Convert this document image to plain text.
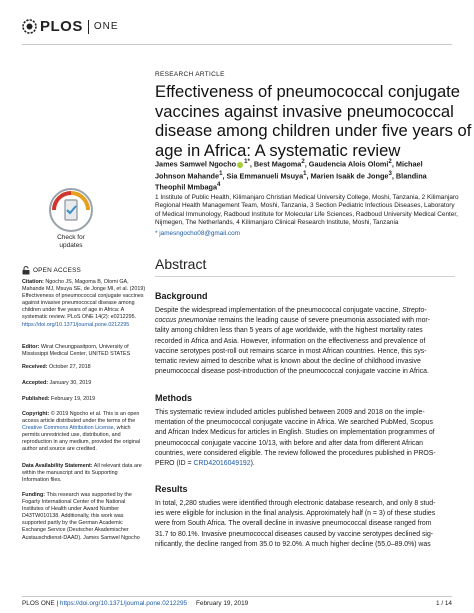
PLOS ONE
RESEARCH ARTICLE
Effectiveness of pneumococcal conjugate
vaccines against invasive pneumococcal
disease among children under five years of
age in Africa: A systematic review
James Samwel Ngocho $^{1*}$, Best Magoma$^2$, Gaudencia Alois Olomi$^2$, Michael
Johnson Mahande$^1$, Sia Emmanueli Msuya$^1$, Marien Isaäk de Jonge$^3$, Blandina
Theophil Mmbaga$^4$
1 Institute of Public Health, Kilimanjaro Christian Medical University College, Moshi, Tanzania, 2 Kilimanjaro
Regional Health Management Team, Moshi, Tanzania, 3 Section Pediatric Infectious Diseases, Laboratory
of Medical Immunology, Radboud Institute for Molecular Life Sciences, Radboud University Medical Center,
Nijmegen, The Netherlands, 4 Kilimanjaro Clinical Research Institute, Moshi, Tanzania
* jamesngocho08@gmail.com
Abstract
Background
Despite the widespread implementation of the pneumococcal conjugate vaccine, Strepto-
coccus pneumoniae remains the leading cause of severe pneumonia associated with mor-
tality among children less than 5 years of age worldwide, with the highest mortality rates
recorded in Africa and Asia. However, information on the effectiveness and prevalence of
vaccine serotypes post-roll out remains scarce in most African countries. Hence, this sys-
tematic review aimed to describe what is known about the decline of childhood invasive
pneumococcal disease post-introduction of the pneumococcal conjugate vaccine in Africa.
Methods
This systematic review included articles published between 2009 and 2018 on the imple-
mentation of the pneumococcal conjugate vaccine in Africa. We searched PubMed, Scopus
and African Index Medicus for articles in English. Studies on implementation programmes of
pneumococcal conjugate vaccine 10/13, with before and after data from different African
countries, were considered eligible. The review followed the procedures published in PROS-
PERO (ID = CRD42016049192).
Results
In total, 2,280 studies were identified through electronic database research, and only 8 stud-
ies were eligible for inclusion in the final analysis. Approximately half (n = 3) of these studies
were from South Africa. The overall decline in invasive pneumococcal disease ranged from
31.7 to 80.1%. Invasive pneumococcal diseases caused by vaccine serotypes declined sig-
nificantly, the decline ranged from 35.0 to 92.0%. A much higher decline (55.0–89.0%) was
Check for
updates
OPEN ACCESS
Citation: Ngocho JS, Magoma B, Olomi GA,
Mahande MJ, Msuya SE, de Jonge MI, et al. (2019)
Effectiveness of pneumococcal conjugate vaccines
against invasive pneumococcal disease among
children under five years of age in Africa: A
systematic review. PLoS ONE 14(2): e0212295.
https://doi.org/10.1371/journal.pone.0212295
Editor: Wirat Cheungpasitporn, University of
Mississippi Medical Center, UNITED STATES
Received: October 27, 2018
Accepted: January 30, 2019
Published: February 19, 2019
Copyright: © 2019 Ngocho et al. This is an open
access article distributed under the terms of the
Creative Commons Attribution License, which
permits unrestricted use, distribution, and
reproduction in any medium, provided the original
author and source are credited.
Data Availability Statement: All relevant data are
within the manuscript and its Supporting
Information files.
Funding: This research was supported by the
Fogarty International Center of the National
Institutes of Health under Award Number
D43TW010138. Additionally, this work was
supported partly by the German Academic
Exchange Service (Deutscher Akademischer
Austauschdienst-DAAD). James Samwel Ngocho
PLOS ONE | https://doi.org/10.1371/journal.pone.0212295 February 19, 2019	1 / 14
